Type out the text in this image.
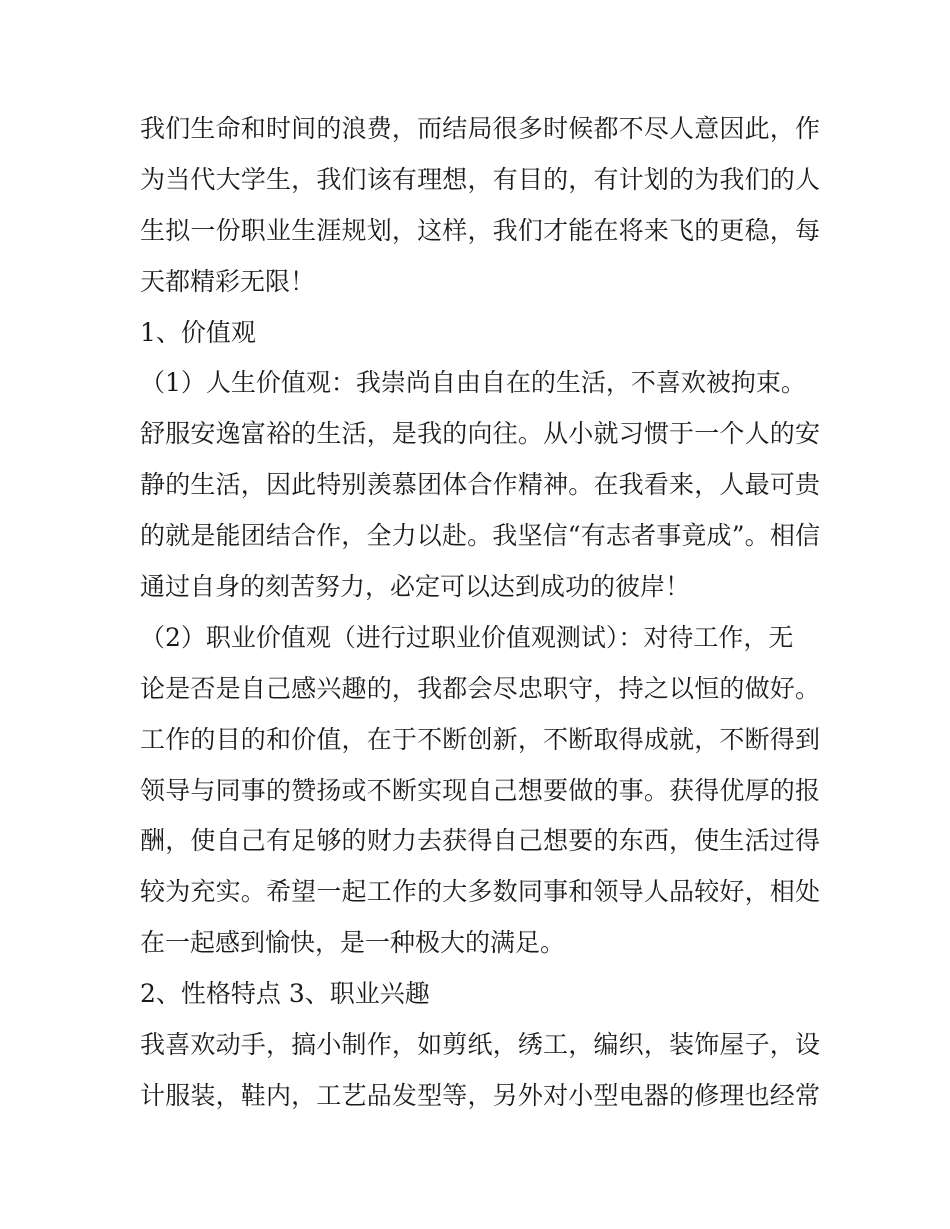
我们生命和时间的浪费，而结局很多时候都不尽人意因此，作
为当代大学生，我们该有理想，有目的，有计划的为我们的人
生拟一份职业生涯规划，这样，我们才能在将来飞的更稳，每
天都精彩无限！
1、价值观
（1）人生价值观：我崇尚自由自在的生活，不喜欢被拘束。
舒服安逸富裕的生活，是我的向往。从小就习惯于一个人的安
静的生活，因此特别羡慕团体合作精神。在我看来，人最可贵
的就是能团结合作，全力以赴。我坚信“有志者事竟成”。相信
通过自身的刻苦努力，必定可以达到成功的彼岸！
（2）职业价值观（进行过职业价值观测试）：对待工作，无
论是否是自己感兴趣的，我都会尽忠职守，持之以恒的做好。
工作的目的和价值，在于不断创新，不断取得成就，不断得到
领导与同事的赞扬或不断实现自己想要做的事。获得优厚的报
酬，使自己有足够的财力去获得自己想要的东西，使生活过得
较为充实。希望一起工作的大多数同事和领导人品较好，相处
在一起感到愉快，是一种极大的满足。
2、性格特点 3、职业兴趣
我喜欢动手，搞小制作，如剪纸，绣工，编织，装饰屋子，设
计服装，鞋内，工艺品发型等，另外对小型电器的修理也经常
